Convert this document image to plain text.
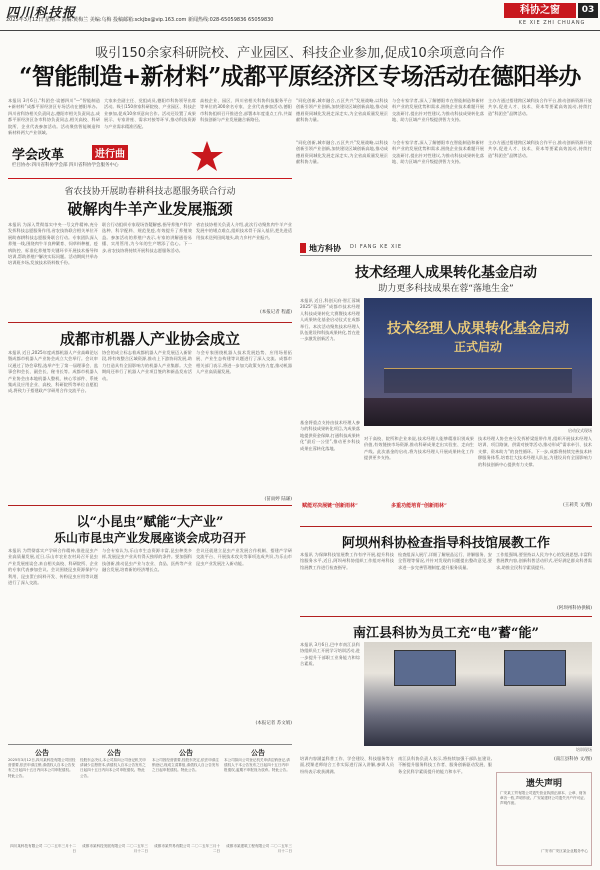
四川科技报
2025年3月12日 星期三 责编:黄梅兰 美编:乌梅 投稿邮箱:sckjbx@vip.163.com 新闻热线:028-65059836 65059830
科协之窗	03
KE XIE ZHI CHUANG
吸引150余家科研院校、产业园区、科技企业参加,促成10余项意向合作
“智能制造+新材料”成都平原经济区专场活动在德阳举办
本报讯 3月6日,“科团会·谈德四川”—“智能制造+新材料”成都平原经济区专场活动在德阳举办。四川省科协相关负责同志,德阳市相关负责同志,成都平原经济区各市科协负责同志,相关高校、科研院所、企业代表参加活动。活动聚焦智能制造和新材料两大产业领域。
大家来会副主任、党组成员,德阳市科协领导出席活动。吸引150余家科研院校、产业园区、科技企业参加,促成10余项意向合作。活动还设置了成果展示、专家讲座、需求对接等环节,推动科技资源与产业需求精准匹配。
高校企业、园区、四川省相关科协科技服务平台等单位的300余名专家、企业代表参加活动,德阳市科协组织召开推进会,部署本年度重点工作,共谋科技创新与产业发展融合新路径。
“同化创新,城市融合,五区共兴”发展战略,以科技创新引领产业创新,加快建设区域创新高地,推动成德眉资同城化发展走深走实,为全省高质量发展贡献科协力量。
与会专家学者,深入了解德阳市在智能制造和新材料产业的发展优势和需求,围绕企业技术难题开展交流研讨,提出针对性建议,为推动科技成果转化落地、助力区域产业升级提供智力支持。
主办方通过搭建跨区域科技合作平台,推动创新资源开放共享,促进人才、技术、资本等要素高效流动,持续打造“科团会”品牌活动。
“同化创新,城市融合,五区共兴”发展战略,以科技创新引领产业创新,加快建设区域创新高地,推动成德眉资同城化发展走深走实,为全省高质量发展贡献科协力量。
与会专家学者,深入了解德阳市在智能制造和新材料产业的发展优势和需求,围绕企业技术难题开展交流研讨,提出针对性建议,为推动科技成果转化落地、助力区域产业升级提供智力支持。
主办方通过搭建跨区域科技合作平台,推动创新资源开放共享,促进人才、技术、资本等要素高效流动,持续打造“科团会”品牌活动。
学会改革	进行曲
栏目协办:四川省科协学会部 四川省科协学会服务中心
省农技协开展助春耕科技志愿服务联合行动
破解肉牛羊产业发展瓶颈
本报讯 为深入贯彻落实中央一号文件精神,充分发挥科技志愿服务作用,省农技协联合相关单位开展助春耕科技志愿服务联合行动。专家团队深入养殖一线,围绕肉牛羊良种繁育、饲草料种植、疫病防控、标准化养殖等关键环节开展技术指导和培训,帮助养殖户解决实际问题。活动期间共举办培训班多场,发放技术资料数千份。
联合行动组织专家现场答疑解惑,指导养殖户科学选种、科学配料、规范免疫,有效提升了养殖效益。参加活动的养殖户表示,专家的讲解通俗易懂、实用管用,为今年的生产增添了信心。下一步,省农技协将持续开展科技志愿服务活动。
省农技协相关负责人介绍,此次行动聚焦肉牛羊产业发展中的堵点难点,组织技术骨干深入基层,把先进适用技术送到田间地头,助力乡村产业振兴。
(本报记者 程鑫)
成都市机器人产业协会成立
本报讯 近日,2025年度成都机器人产业高峰论坛暨成都市机器人产业协会成立大会举行。会议审议通过了协会章程,选举产生了第一届理事会、监事会和会长、副会长、秘书长等。成都市机器人产业协会由本地机器人整机、核心零部件、系统集成及应用企业、高校、科研院所等单位自愿组成,将致力于搭建政产学研用合作交流平台。
协会的成立标志着成都机器人产业发展迈入新阶段,将有效整合区域资源,推动上下游协同发展,助力打造具有全国影响力的机器人产业集群。大会期间还举行了机器人产业项目签约和新品发布活动。
与会专家围绕机器人技术发展趋势、应用场景拓展、产业生态构建等议题进行了深入交流。成都市相关部门表示,将进一步加大政策支持力度,推动机器人产业高质量发展。
(苗雨婷 陆谦)
以“小昆虫”赋能“大产业”
乐山市昆虫产业发展座谈会成功召开
本报讯 为贯彻落实产学研合作精神,推进昆虫产业高质量发展,近日,乐山市农业农村局召开昆虫产业发展座谈会,来自相关高校、科研院所、企业的专家代表参加会议。会议围绕昆虫资源保护与利用、昆虫蛋白饲料开发、传粉昆虫应用等议题进行了深入交流。
与会专家认为,乐山市生态资源丰富,昆虫种类多样,发展昆虫产业具有得天独厚的条件。要加强科技创新,推动昆虫产业与农业、食品、医药等产业融合发展,培育新的经济增长点。
会议还就建立昆虫产业发展合作机制、搭建产学研交流平台、开展技术攻关等事项达成共识,为乐山市昆虫产业发展注入新动能。
(本报记者 苏文娟)
公告
2025年3月12日,四川某科技有限公司因经营需要,依法申请注销,请债权人自本公告发布之日起四十五日内向本公司申报债权。特此公告。
四川某科技有限公司 二〇二五年三月十二日
公告
经股东会决议,本公司拟向公司登记机关申请减少注册资本,请债权人自本公告发布之日起四十五日内向本公司申报债权。特此公告。
成都市某科技发展有限公司 二〇二五年三月十二日
公告
本公司因经营需要,经股东决定,依法申请注销登记,现成立清算组,请债权人自公告发布之日起申报债权。特此公告。
成都市某贸易有限公司 二〇二五年三月十二日
公告
本公司拟向公司登记机关申请注销登记,请债权人于本公告发布之日起四十五日内申报债权,逾期不申报视为放弃。特此公告。
成都市某建筑工程有限公司 二〇二五年三月十二日
地方科协 DI FANG KE XIE
技术经理人成果转化基金启动
助力更多科技成果在蓉“落地生金”
本报讯 近日,科创天府·智汇蓉城2025“蓉漂杯”成都市技术经理人科技成果转化大赛暨技术经理人成果转化基金启动仪式在成都举行。本次活动聚焦技术经理人队伍建设和科技成果转化,旨在进一步激发创新活力。
基金将重点支持由技术经理人参与的科技成果转化项目,为成果落地提供资金保障,打通科技成果转化“最后一公里”,推动更多科技成果在蓉转化落地。
技术经理人成果转化基金启动
正式启动
启动仪式现场
对于高校、院所和企业来说,技术经理人能够精准识别成果价值,有效链接市场资源,推动科研成果走出实验室、走向生产线。此次基金的启动,将为技术经理人开展成果转化工作提供更多支持。
技术经理人协会充分发挥桥梁纽带作用,组织开展技术经理人培训、项目路演、供需对接等活动,推动形成“需求牵引、技术支撑、资本助力”的良性循环。下一步,成都将持续完善技术转移服务体系,培育壮大技术经理人队伍,为建设具有全国影响力的科技创新中心提供有力支撑。
赋能对决展链“创新雨林”	多重功能培育“创新雨林”	(王莉芙 文/图)
阿坝州科协检查指导科技馆展教工作
本报讯 为保障科技馆展教工作有序开展,提升科技馆服务水平,近日,阿坝州科协组织工作组对州科技馆展教工作进行检查指导。
检查组深入展厅,详细了解展品运行、讲解服务、安全管理等情况,并针对发现的问题提出整改意见,要求进一步完善管理制度,提升服务质量。
工作组强调,要坚持以人民为中心的发展思想,丰富科普展教内容,创新科普活动形式,更好满足群众科普需求,助推全民科学素质提升。
(阿坝州科协供稿)
南江县科协为员工充“电”蓄“能”
本报讯 3月6日,巴中市南江县科协组织员工开展学习培训活动,进一步提升干部职工业务能力和综合素质。
培训现场
培训内容涵盖科普工作、学会建设、科技服务等方面,授课老师结合工作实际进行深入讲解,参训人员纷纷表示收获满满。
南江县科协负责人表示,将持续加强干部队伍建设,不断提升服务科技工作者、服务创新驱动发展、服务全民科学素质提升的能力和水平。
(南江县科协 文/图)
遗失声明
广安某工贸有限公司遗失营业执照正副本、公章、财务章各一枚,声明作废。广安某建材公司遗失开户许可证,声明作废。
广安市广安区某企业服务中心
